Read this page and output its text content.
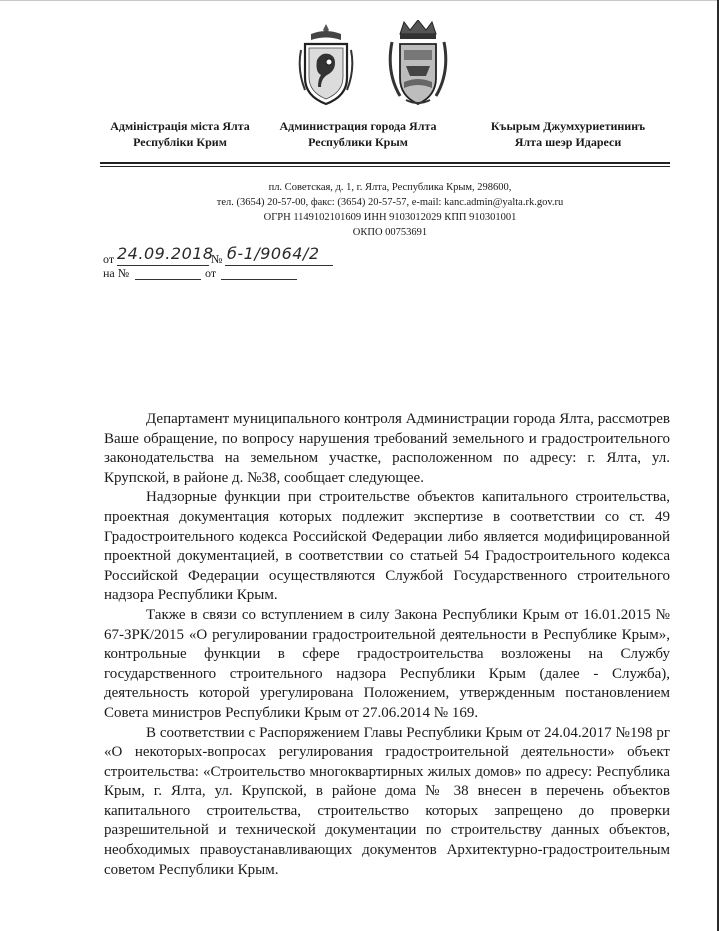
Адміністрація міста Ялта
Республіки Крим
Администрация города Ялта
Республики Крым
Къырым Джумхуриетининъ
Ялта шеэр Идареси
пл. Советская, д. 1, г. Ялта, Республика Крым, 298600,
тел. (3654) 20-57-00, факс: (3654) 20-57-57, e-mail: kanc.admin@yalta.rk.gov.ru
ОГРН 1149102101609 ИНН 9103012029 КПП 910301001
ОКПО 00753691
от 24.09.2018
№ б-1/9064/2
на №	от

Департамент муниципального контроля Администрации города Ялта, рассмотрев Ваше обращение, по вопросу нарушения требований земельного и градостроительного законодательства на земельном участке, расположенном по адресу: г. Ялта, ул. Крупской, в районе д. №38, сообщает следующее.

Надзорные функции при строительстве объектов капитального строительства, проектная документация которых подлежит экспертизе в соответствии со ст. 49 Градостроительного кодекса Российской Федерации либо является модифицированной проектной документацией, в соответствии со статьей 54 Градостроительного кодекса Российской Федерации осуществляются Службой Государственного строительного надзора Республики Крым.

Также в связи со вступлением в силу Закона Республики Крым от 16.01.2015 № 67-ЗРК/2015 «О регулировании градостроительной деятельности в Республике Крым», контрольные функции в сфере градостроительства возложены на Службу государственного строительного надзора Республики Крым (далее - Служба), деятельность которой урегулирована Положением, утвержденным постановлением Совета министров Республики Крым от 27.06.2014 № 169.

В соответствии с Распоряжением Главы Республики Крым от 24.04.2017 №198 рг «О некоторых-вопросах регулирования градостроительной деятельности» объект строительства: «Строительство многоквартирных жилых домов» по адресу: Республика Крым, г. Ялта, ул. Крупской, в районе дома № 38 внесен в перечень объектов капитального строительства, строительство которых запрещено до проверки разрешительной и технической документации по строительству данных объектов, необходимых правоустанавливающих документов Архитектурно-градостроительным советом Республики Крым.
